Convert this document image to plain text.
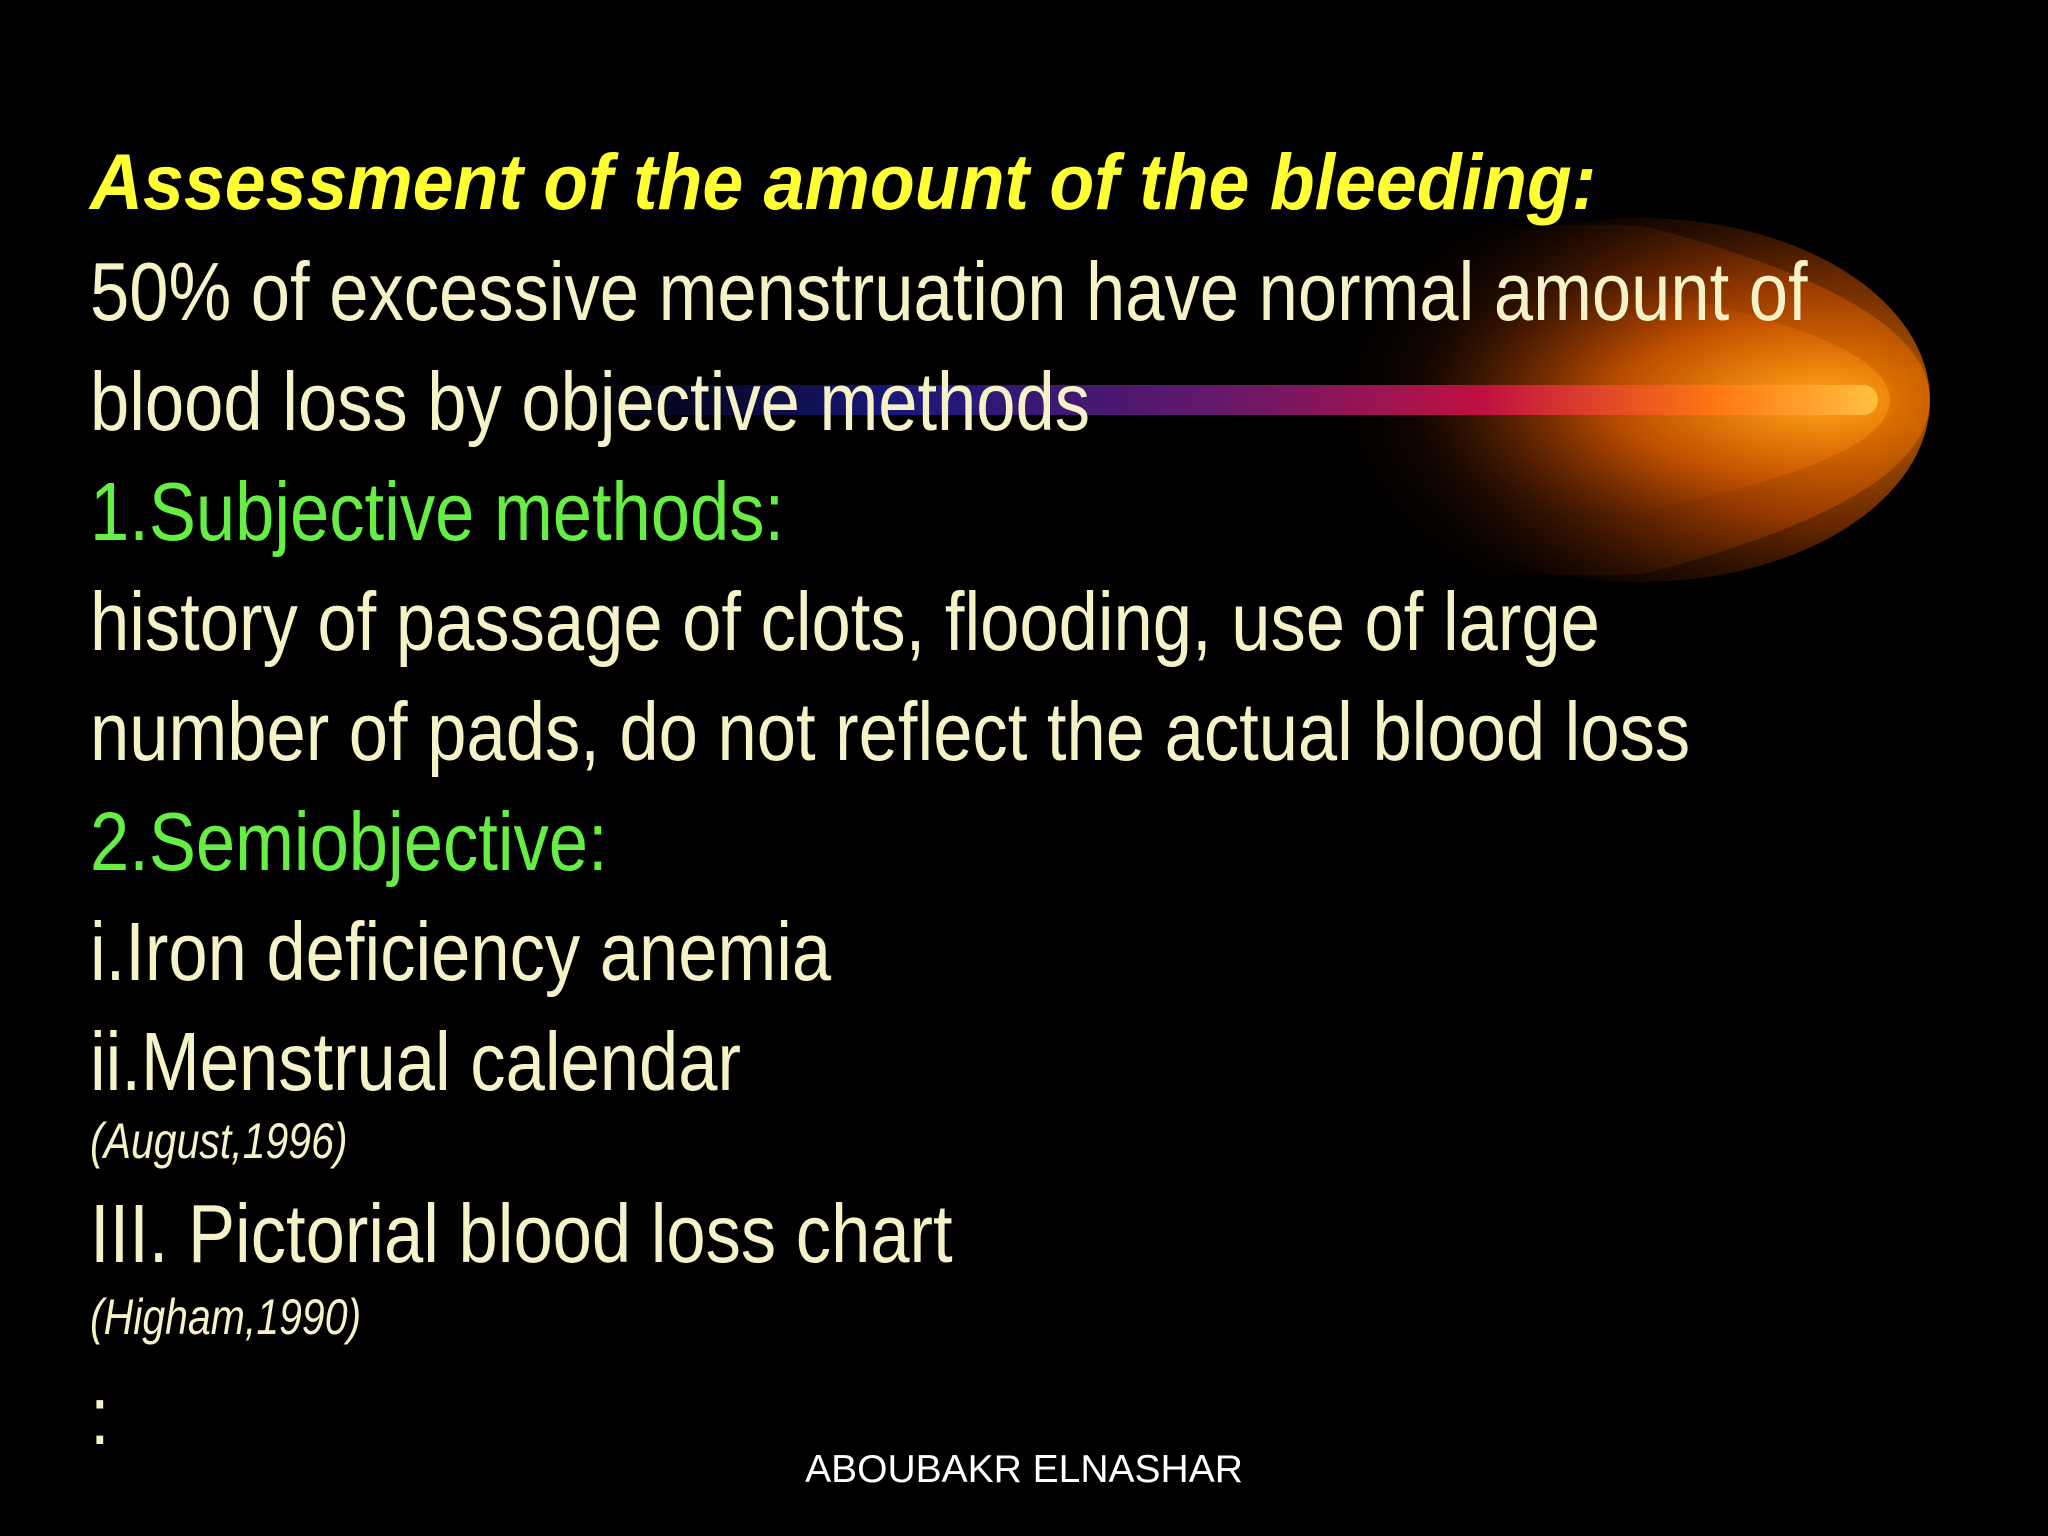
Assessment of the amount of the bleeding:

50% of excessive menstruation have normal amount of

blood loss by objective methods

1.Subjective methods:

history of passage of clots, flooding, use of large

number of pads, do not reflect the actual blood loss

2.Semiobjective:

i.Iron deficiency anemia

ii.Menstrual calendar

(August,1996)

III. Pictorial blood loss chart

(Higham,1990)

:

ABOUBAKR ELNASHAR
